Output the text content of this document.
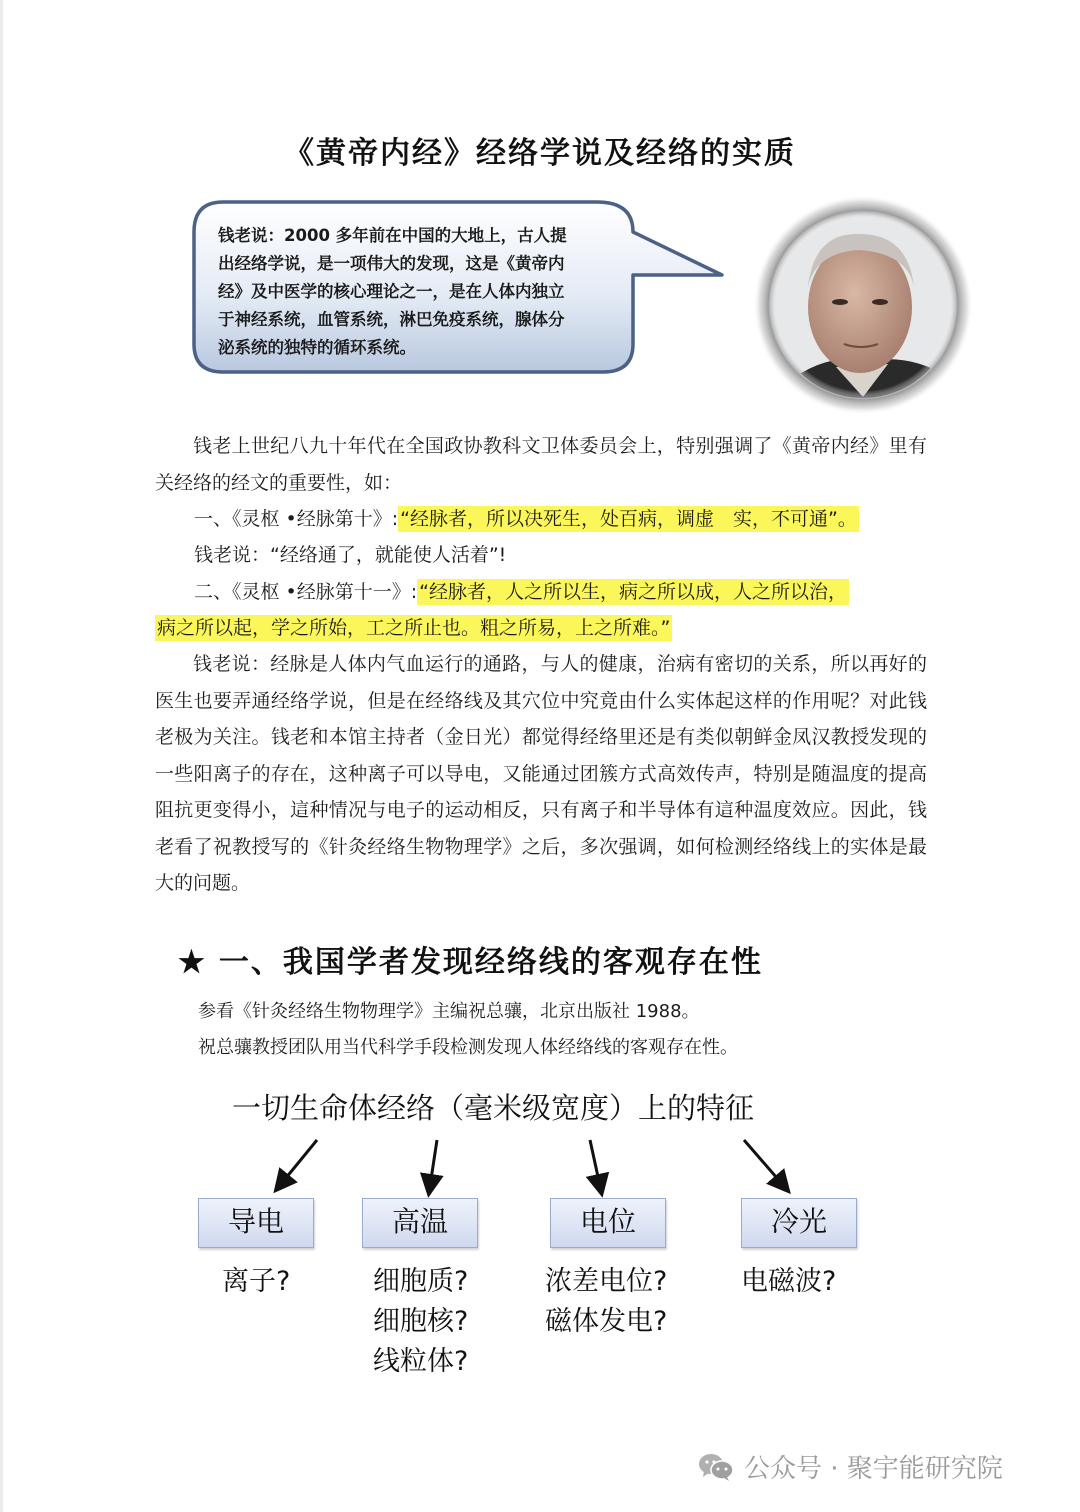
《黄帝内经》经络学说及经络的实质
钱老说：2000 多年前在中国的大地上，古人提
出经络学说，是一项伟大的发现，这是《黄帝内
经》及中医学的核心理论之一，是在人体内独立
于神经系统，血管系统，淋巴免疫系统，腺体分
泌系统的独特的循环系统。
钱老上世纪八九十年代在全国政协教科文卫体委员会上，特别强调了《黄帝内经》里有关经络的经文的重要性，如：
一、《灵枢 •经脉第十》: “经脉者，所以决死生，处百病，调虚　实，不可通”。
钱老说：“经络通了，就能使人活着”!
二、《灵枢 •经脉第十一》: “经脉者，人之所以生，病之所以成，人之所以治，
病之所以起，学之所始，工之所止也。粗之所易，上之所难。”
钱老说：经脉是人体内气血运行的通路，与人的健康，治病有密切的关系，所以再好的医生也要弄通经络学说，但是在经络线及其穴位中究竟由什么实体起这样的作用呢？对此钱老极为关注。钱老和本馆主持者（金日光）都觉得经络里还是有类似朝鲜金凤汉教授发现的一些阳离子的存在，这种离子可以导电，又能通过团簇方式高效传声，特别是随温度的提高阻抗更变得小，這种情况与电子的运动相反，只有离子和半导体有這种温度效应。因此，钱老看了祝教授写的《针灸经络生物物理学》之后，多次强调，如何检测经络线上的实体是最大的问题。
★ 一、我国学者发现经络线的客观存在性
参看《针灸经络生物物理学》主编祝总骧，北京出版社 1988。
祝总骧教授团队用当代科学手段检测发现人体经络线的客观存在性。
一切生命体经络（毫米级宽度）上的特征
导电	高温	电位	冷光
离子?	细胞质?
细胞核?
线粒体?
浓差电位?
磁体发电?
电磁波?
公众号 · 聚宇能研究院
